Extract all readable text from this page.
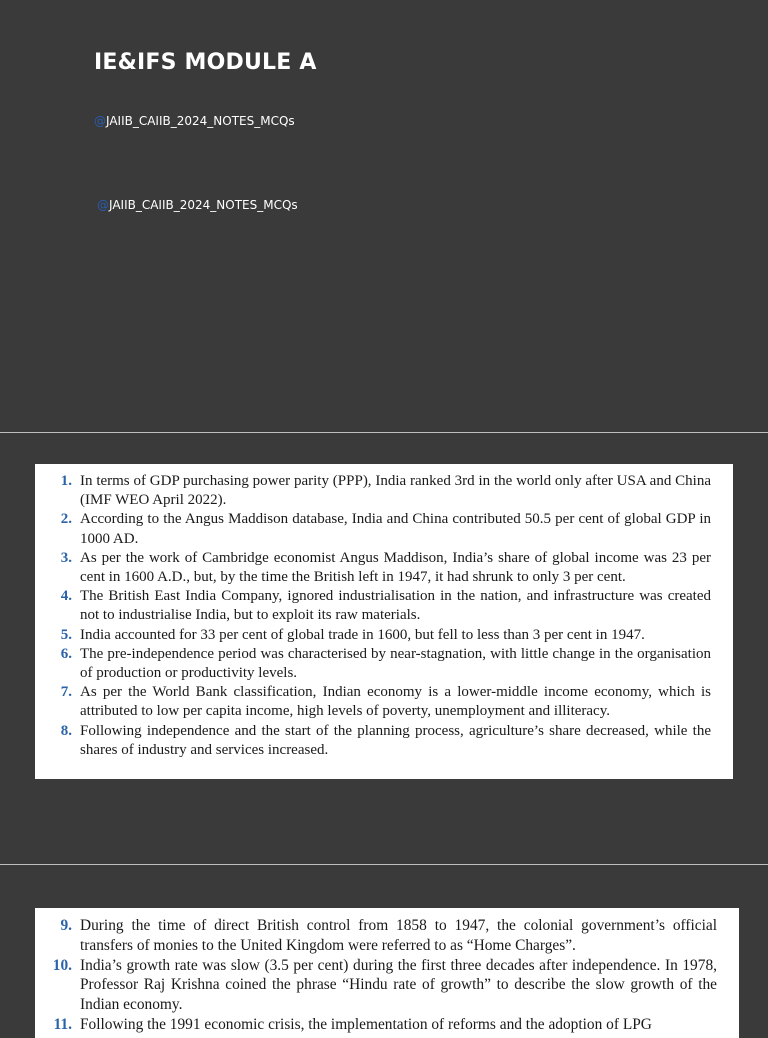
IE&IFS MODULE A
@JAIIB_CAIIB_2024_NOTES_MCQs
@JAIIB_CAIIB_2024_NOTES_MCQs
1. In terms of GDP purchasing power parity (PPP), India ranked 3rd in the world only after USA and China (IMF WEO April 2022).
2. According to the Angus Maddison database, India and China contributed 50.5 per cent of global GDP in 1000 AD.
3. As per the work of Cambridge economist Angus Maddison, India’s share of global income was 23 per cent in 1600 A.D., but, by the time the British left in 1947, it had shrunk to only 3 per cent.
4. The British East India Company, ignored industrialisation in the nation, and infrastructure was created not to industrialise India, but to exploit its raw materials.
5. India accounted for 33 per cent of global trade in 1600, but fell to less than 3 per cent in 1947.
6. The pre-independence period was characterised by near-stagnation, with little change in the organisation of production or productivity levels.
7. As per the World Bank classification, Indian economy is a lower-middle income economy, which is attributed to low per capita income, high levels of poverty, unemployment and illiteracy.
8. Following independence and the start of the planning process, agriculture’s share decreased, while the shares of industry and services increased.
9. During the time of direct British control from 1858 to 1947, the colonial government’s official transfers of monies to the United Kingdom were referred to as “Home Charges”.
10. India’s growth rate was slow (3.5 per cent) during the first three decades after independence. In 1978, Professor Raj Krishna coined the phrase “Hindu rate of growth” to describe the slow growth of the Indian economy.
11. Following the 1991 economic crisis, the implementation of reforms and the adoption of LPG
